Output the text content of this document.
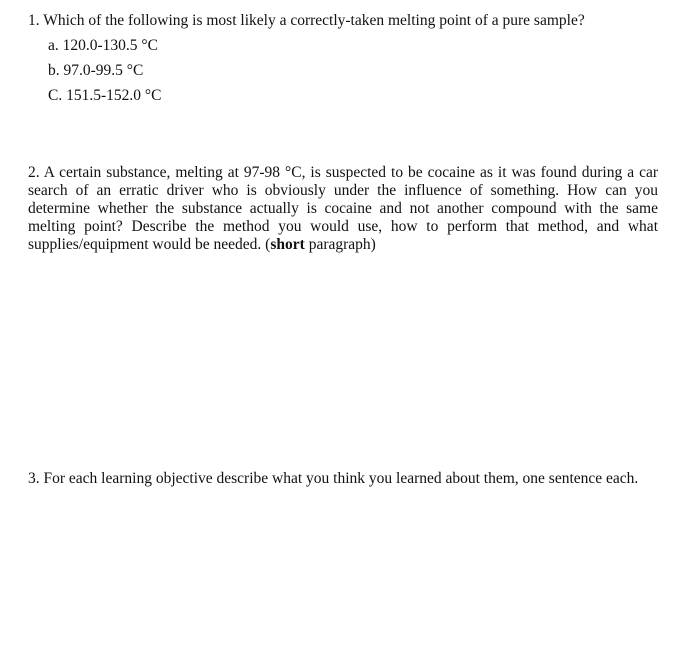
1. Which of the following is most likely a correctly-taken melting point of a pure sample?
a. 120.0-130.5 °C
b. 97.0-99.5 °C
C. 151.5-152.0 °C
2. A certain substance, melting at 97-98 °C, is suspected to be cocaine as it was found during a car search of an erratic driver who is obviously under the influence of something. How can you determine whether the substance actually is cocaine and not another compound with the same melting point? Describe the method you would use, how to perform that method, and what supplies/equipment would be needed. (short paragraph)
3. For each learning objective describe what you think you learned about them, one sentence each.
